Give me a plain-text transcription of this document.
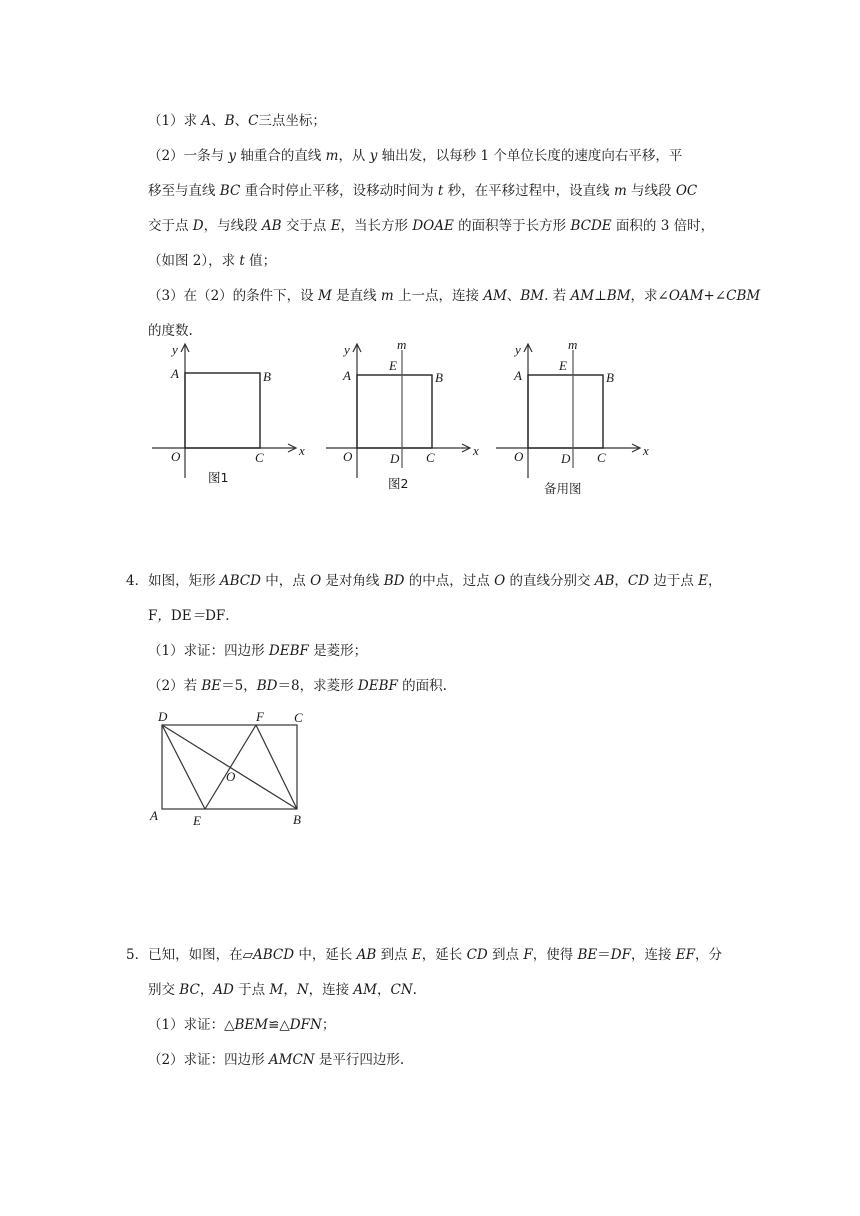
（1）求 A、B、C三点坐标；
（2）一条与 y 轴重合的直线 m，从 y 轴出发，以每秒 1 个单位长度的速度向右平移，平
移至与直线 BC 重合时停止平移，设移动时间为 t 秒，在平移过程中，设直线 m 与线段 OC
交于点 D，与线段 AB 交于点 E，当长方形 DOAE 的面积等于长方形 BCDE 面积的 3 倍时，
（如图 2），求 t 值；
（3）在（2）的条件下，设 M 是直线 m 上一点，连接 AM、BM. 若 AM⊥BM，求∠OAM+∠CBM
的度数.
y
x
A	B
O	C
图1
y	m
E
A	B
x
O	D C
图2
y	m
E
A	B
x
O	D C
备用图
4．如图，矩形 ABCD 中，点 O 是对角线 BD 的中点，过点 O 的直线分别交 AB，CD 边于点 E，
F，DE＝DF.
（1）求证：四边形 DEBF 是菱形；
（2）若 BE＝5，BD＝8，求菱形 DEBF 的面积.
D	F C
O
A	E	B
5．已知，如图，在▱ABCD 中，延长 AB 到点 E，延长 CD 到点 F，使得 BE＝DF，连接 EF，分
别交 BC，AD 于点 M，N，连接 AM，CN.
（1）求证：△BEM≌△DFN；
（2）求证：四边形 AMCN 是平行四边形.
